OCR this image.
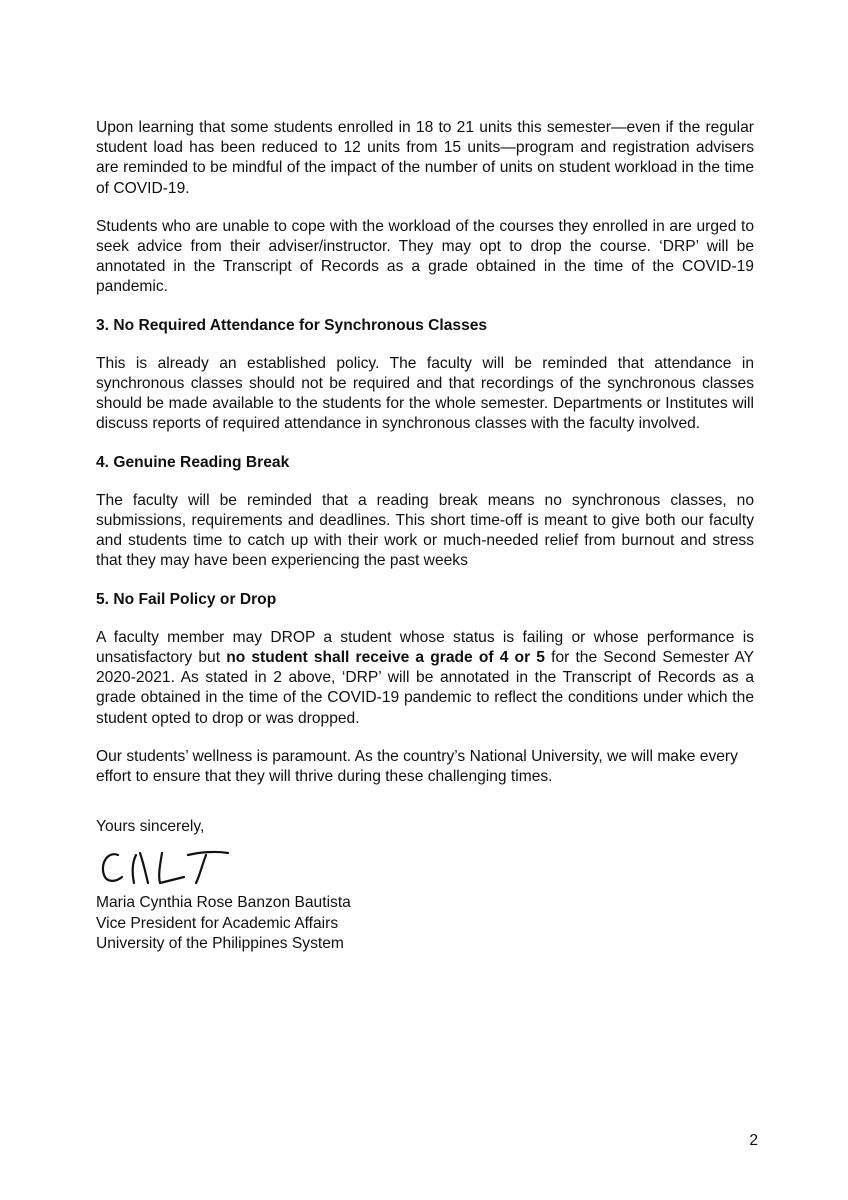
Upon learning that some students enrolled in 18 to 21 units this semester—even if the regular student load has been reduced to 12 units from 15 units—program and registration advisers are reminded to be mindful of the impact of the number of units on student workload in the time of COVID-19.

Students who are unable to cope with the workload of the courses they enrolled in are urged to seek advice from their adviser/instructor. They may opt to drop the course. ‘DRP’ will be annotated in the Transcript of Records as a grade obtained in the time of the COVID-19 pandemic.

3. No Required Attendance for Synchronous Classes

This is already an established policy. The faculty will be reminded that attendance in synchronous classes should not be required and that recordings of the synchronous classes should be made available to the students for the whole semester. Departments or Institutes will discuss reports of required attendance in synchronous classes with the faculty involved.

4. Genuine Reading Break

The faculty will be reminded that a reading break means no synchronous classes, no submissions, requirements and deadlines. This short time-off is meant to give both our faculty and students time to catch up with their work or much-needed relief from burnout and stress that they may have been experiencing the past weeks

5. No Fail Policy or Drop

A faculty member may DROP a student whose status is failing or whose performance is unsatisfactory but no student shall receive a grade of 4 or 5 for the Second Semester AY 2020-2021. As stated in 2 above, ‘DRP’ will be annotated in the Transcript of Records as a grade obtained in the time of the COVID-19 pandemic to reflect the conditions under which the student opted to drop or was dropped.

Our students’ wellness is paramount. As the country’s National University, we will make every effort to ensure that they will thrive during these challenging times.

Yours sincerely,

Maria Cynthia Rose Banzon Bautista

Vice President for Academic Affairs

University of the Philippines System

2
